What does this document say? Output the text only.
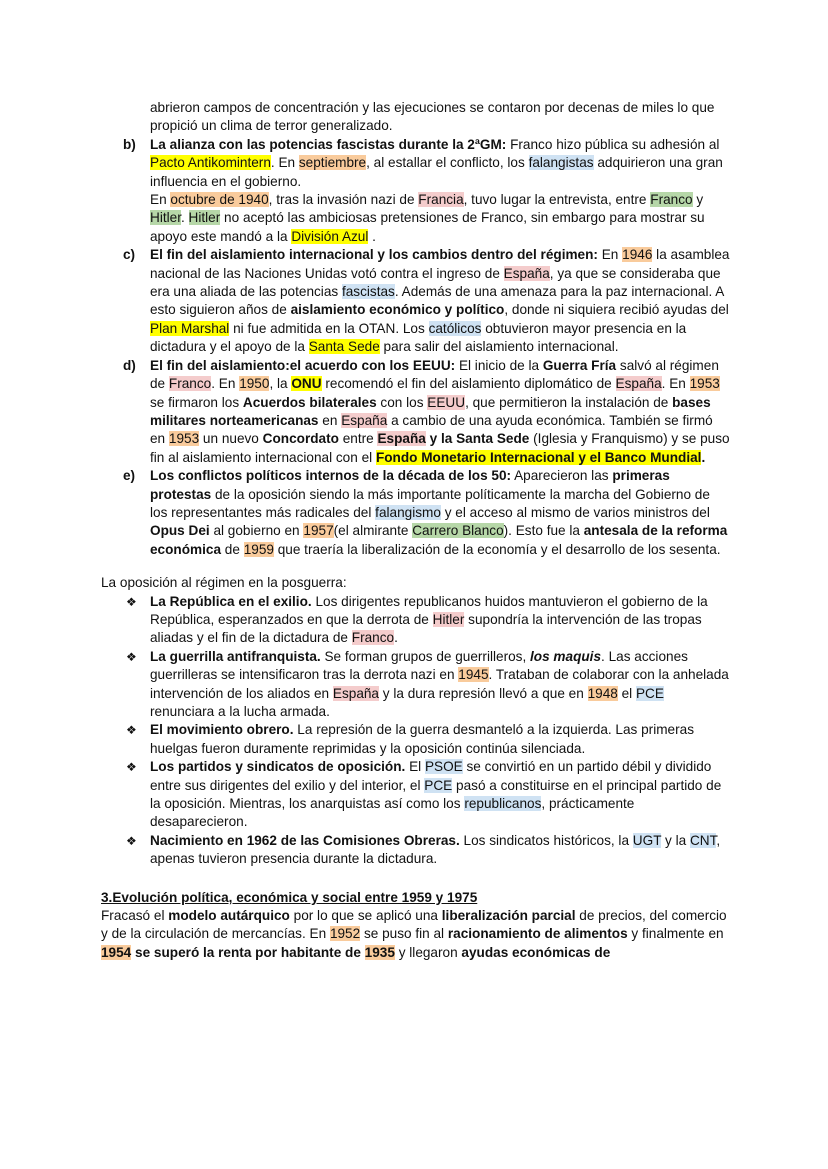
abrieron campos de concentración y las ejecuciones se contaron por decenas de miles lo que propició un clima de terror generalizado.
b) La alianza con las potencias fascistas durante la 2ªGM: Franco hizo pública su adhesión al Pacto Antikomintern. En septiembre, al estallar el conflicto, los falangistas adquirieron una gran influencia en el gobierno.
En octubre de 1940, tras la invasión nazi de Francia, tuvo lugar la entrevista, entre Franco y Hitler. Hitler no aceptó las ambiciosas pretensiones de Franco, sin embargo para mostrar su apoyo este mandó a la División Azul .
c) El fin del aislamiento internacional y los cambios dentro del régimen: En 1946 la asamblea nacional de las Naciones Unidas votó contra el ingreso de España, ya que se consideraba que era una aliada de las potencias fascistas. Además de una amenaza para la paz internacional. A esto siguieron años de aislamiento económico y político, donde ni siquiera recibió ayudas del Plan Marshal ni fue admitida en la OTAN. Los católicos obtuvieron mayor presencia en la dictadura y el apoyo de la Santa Sede para salir del aislamiento internacional.
d) El fin del aislamiento:el acuerdo con los EEUU: El inicio de la Guerra Fría salvó al régimen de Franco. En 1950, la ONU recomendó el fin del aislamiento diplomático de España. En 1953 se firmaron los Acuerdos bilaterales con los EEUU, que permitieron la instalación de bases militares norteamericanas en España a cambio de una ayuda económica. También se firmó en 1953 un nuevo Concordato entre España y la Santa Sede (Iglesia y Franquismo) y se puso fin al aislamiento internacional con el Fondo Monetario Internacional y el Banco Mundial.
e) Los conflictos políticos internos de la década de los 50: Aparecieron las primeras protestas de la oposición siendo la más importante políticamente la marcha del Gobierno de los representantes más radicales del falangismo y el acceso al mismo de varios ministros del Opus Dei al gobierno en 1957(el almirante Carrero Blanco). Esto fue la antesala de la reforma económica de 1959 que traería la liberalización de la economía y el desarrollo de los sesenta.
La oposición al régimen en la posguerra:
❖ La República en el exilio. Los dirigentes republicanos huidos mantuvieron el gobierno de la República, esperanzados en que la derrota de Hitler supondría la intervención de las tropas aliadas y el fin de la dictadura de Franco.
❖ La guerrilla antifranquista. Se forman grupos de guerrilleros, los maquis. Las acciones guerrilleras se intensificaron tras la derrota nazi en 1945. Trataban de colaborar con la anhelada intervención de los aliados en España y la dura represión llevó a que en 1948 el PCE renunciara a la lucha armada.
❖ El movimiento obrero. La represión de la guerra desmanteló a la izquierda. Las primeras huelgas fueron duramente reprimidas y la oposición continúa silenciada.
❖ Los partidos y sindicatos de oposición. El PSOE se convirtió en un partido débil y dividido entre sus dirigentes del exilio y del interior, el PCE pasó a constituirse en el principal partido de la oposición. Mientras, los anarquistas así como los republicanos, prácticamente desaparecieron.
❖ Nacimiento en 1962 de las Comisiones Obreras. Los sindicatos históricos, la UGT y la CNT, apenas tuvieron presencia durante la dictadura.
3.Evolución política, económica y social entre 1959 y 1975
Fracasó el modelo autárquico por lo que se aplicó una liberalización parcial de precios, del comercio y de la circulación de mercancías. En 1952 se puso fin al racionamiento de alimentos y finalmente en 1954 se superó la renta por habitante de 1935 y llegaron ayudas económicas de
